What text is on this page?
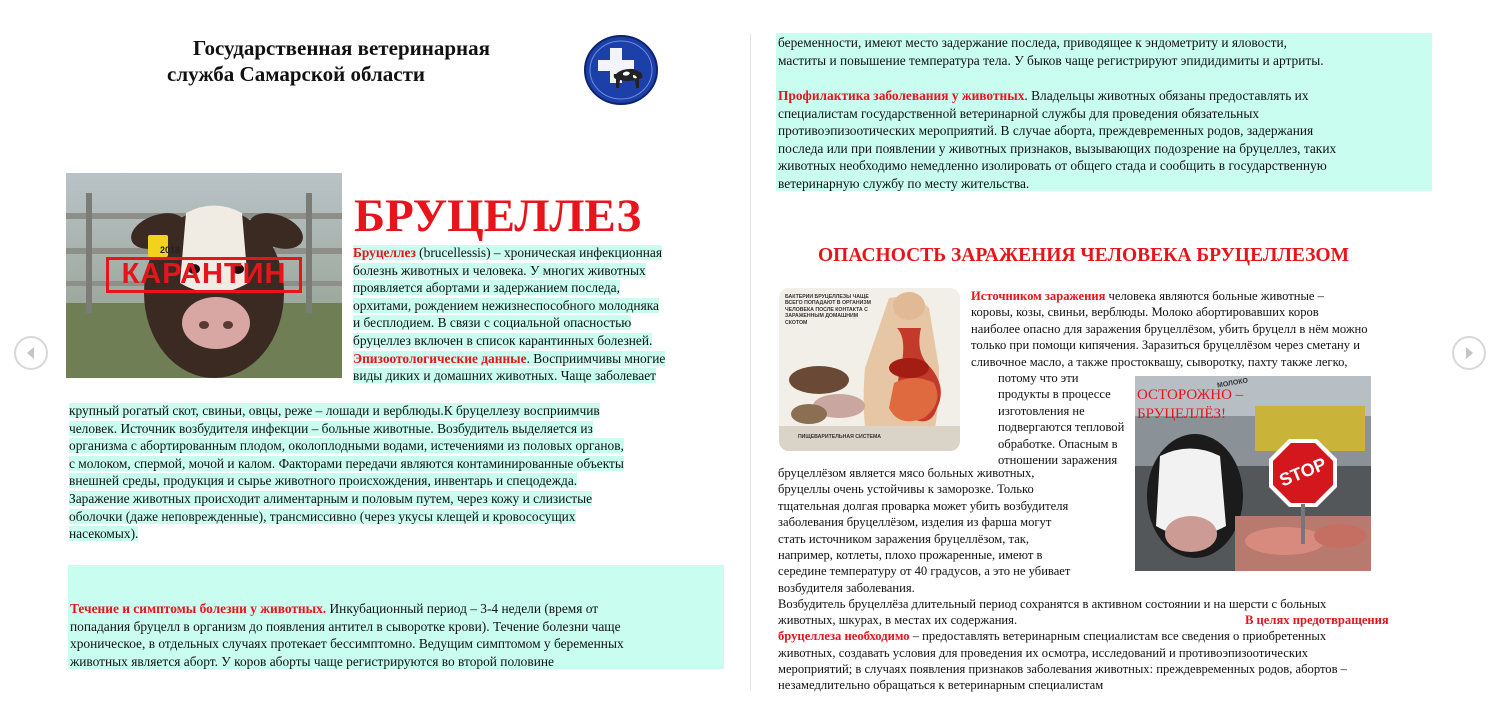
Государственная ветеринарная
служба Самарской области
2018
КАРАНТИН
БРУЦЕЛЛЕЗ
Бруцеллез (brucellessis) – хроническая инфекционная
болезнь животных и человека. У многих животных
проявляется абортами и задержанием последа,
орхитами, рождением нежизнеспособного молодняка
и бесплодием. В связи с социальной опасностью
бруцеллез включен в список карантинных болезней.
Эпизоотологические данные. Восприимчивы многие
виды диких и домашних животных. Чаще заболевает
крупный рогатый скот, свиньи, овцы, реже – лошади и верблюды.К бруцеллезу восприимчив
человек. Источник возбудителя инфекции – больные животные. Возбудитель выделяется из
организма с абортированным плодом, околоплодными водами, истечениями из половых органов,
с молоком, спермой, мочой и калом. Факторами передачи являются контаминированные объекты
внешней среды, продукция и сырье животного происхождения, инвентарь и спецодежда.
Заражение животных происходит алиментарным и половым путем, через кожу и слизистые
оболочки (даже неповрежденные), трансмиссивно (через укусы клещей и кровососущих
насекомых).
Течение и симптомы болезни у животных. Инкубационный период – 3-4 недели (время от
попадания бруцелл в организм до появления антител в сыворотке крови). Течение болезни чаще
хроническое, в отдельных случаях протекает бессимптомно. Ведущим симптомом у беременных
животных является аборт. У коров аборты чаще регистрируются во второй половине
беременности, имеют место задержание последа, приводящее к эндометриту и яловости,
маститы и повышение температура тела. У быков чаще регистрируют эпидидимиты и артриты.
Профилактика заболевания у животных. Владельцы животных обязаны предоставлять их
специалистам государственной ветеринарной службы для проведения обязательных
противоэпизоотических мероприятий. В случае аборта, преждевременных родов, задержания
последа или при появлении у животных признаков, вызывающих подозрение на бруцеллез, таких
животных необходимо немедленно изолировать от общего стада и сообщить в государственную
ветеринарную службу по месту жительства.
ОПАСНОСТЬ ЗАРАЖЕНИЯ ЧЕЛОВЕКА БРУЦЕЛЛЕЗОМ
БАКТЕРИИ БРУЦЕЛЛЕЗЫ ЧАЩЕ ВСЕГО ПОПАДАЮТ В ОРГАНИЗМ ЧЕЛОВЕКА ПОСЛЕ КОНТАКТА С ЗАРАЖЕННЫМ ДОМАШНИМ СКОТОМ
ПИЩЕВАРИТЕЛЬНАЯ СИСТЕМА
МОЛОКО
ОСТОРОЖНО – БРУЦЕЛЛЁЗ!
STOP
Источником заражения человека являются больные животные –
коровы, козы, свиньи, верблюды. Молоко абортировавших коров
наиболее опасно для заражения бруцеллёзом, убить бруцелл в нём можно
только при помощи кипячения. Заразиться бруцеллёзом через сметану и
сливочное масло, а также простоквашу, сыворотку, пахту также легко,
потому что эти
продукты в процессе
изготовления не
подвергаются тепловой
обработке. Опасным в
отношении заражения
бруцеллёзом является мясо больных животных,
бруцеллы очень устойчивы к заморозке. Только
тщательная долгая проварка может убить возбудителя
заболевания бруцеллёзом, изделия из фарша могут
стать источником заражения бруцеллёзом, так,
например, котлеты, плохо прожаренные, имеют в
середине температуру от 40 градусов, а это не убивает
возбудителя заболевания.
Возбудитель бруцеллёза длительный период сохранятся в активном состоянии и на шерсти с больных
животных, шкурах, в местах их содержания.	В целях предотвращения
бруцеллеза необходимо – предоставлять ветеринарным специалистам все сведения о приобретенных
животных, создавать условия для проведения их осмотра, исследований и противоэпизоотических
мероприятий; в случаях появления признаков заболевания животных: преждевременных родов, абортов –
незамедлительно обращаться к ветеринарным специалистам
